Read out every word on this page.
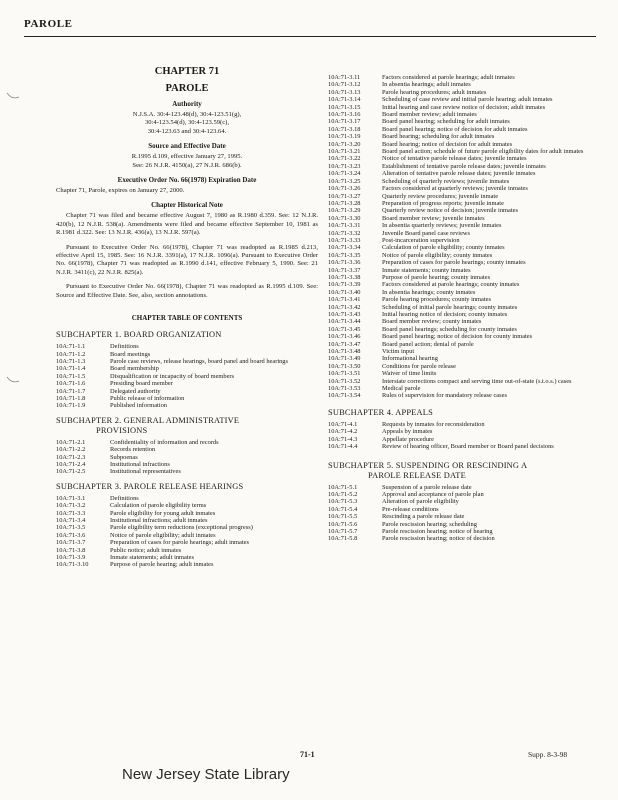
PAROLE
CHAPTER 71
PAROLE
Authority
N.J.S.A. 30:4-123.48(d), 30:4-123.51(g),
30:4-123.54(d), 30:4-123.59(c),
30:4-123.63 and 30:4-123.64.
Source and Effective Date
R.1995 d.109, effective January 27, 1995.
See: 26 N.J.R. 4150(a), 27 N.J.R. 686(b).
Executive Order No. 66(1978) Expiration Date
Chapter 71, Parole, expires on January 27, 2000.
Chapter Historical Note

Chapter 71 was filed and became effective August 7, 1980 as R.1980 d.359. See: 12 N.J.R. 420(b), 12 N.J.R. 538(a). Amendments were filed and became effective September 10, 1981 as R.1981 d.322. See: 13 N.J.R. 436(a), 13 N.J.R. 597(a).

Pursuant to Executive Order No. 66(1978), Chapter 71 was readopted as R.1985 d.213, effective April 15, 1985. See: 16 N.J.R. 3391(a), 17 N.J.R. 1096(a). Pursuant to Executive Order No. 66(1978), Chapter 71 was readopted as R.1990 d.141, effective February 5, 1990. See: 21 N.J.R. 3411(c), 22 N.J.R. 825(a).

Pursuant to Executive Order No. 66(1978), Chapter 71 was readopted as R.1995 d.109. See: Source and Effective Date. See, also, section annotations.

CHAPTER TABLE OF CONTENTS
SUBCHAPTER 1. BOARD ORGANIZATION
10A:71-1.1	Definitions
10A:71-1.2	Board meetings
10A:71-1.3	Parole case reviews, release hearings, board panel and board hearings
10A:71-1.4	Board membership
10A:71-1.5	Disqualification or incapacity of board members
10A:71-1.6	Presiding board member
10A:71-1.7	Delegated authority
10A:71-1.8	Public release of information
10A:71-1.9	Published information
SUBCHAPTER 2. GENERAL ADMINISTRATIVE
PROVISIONS
10A:71-2.1	Confidentiality of information and records
10A:71-2.2	Records retention
10A:71-2.3	Subpoenas
10A:71-2.4	Institutional infractions
10A:71-2.5	Institutional representatives
SUBCHAPTER 3. PAROLE RELEASE HEARINGS
10A:71-3.1	Definitions
10A:71-3.2	Calculation of parole eligibility terms
10A:71-3.3	Parole eligibility for young adult inmates
10A:71-3.4	Institutional infractions; adult inmates
10A:71-3.5	Parole eligibility term reductions (exceptional progress)
10A:71-3.6	Notice of parole eligibility; adult inmates
10A:71-3.7	Preparation of cases for parole hearings; adult inmates
10A:71-3.8	Public notice; adult inmates
10A:71-3.9	Inmate statements; adult inmates
10A:71-3.10	Purpose of parole hearing; adult inmates
10A:71-3.11	Factors considered at parole hearings; adult inmates
10A:71-3.12	In absentia hearings; adult inmates
10A:71-3.13	Parole hearing procedures; adult inmates
10A:71-3.14	Scheduling of case review and initial parole hearing; adult inmates
10A:71-3.15	Initial hearing and case review notice of decision; adult inmates
10A:71-3.16	Board member review; adult inmates
10A:71-3.17	Board panel hearing; scheduling for adult inmates
10A:71-3.18	Board panel hearing; notice of decision for adult inmates
10A:71-3.19	Board hearing; scheduling for adult inmates
10A:71-3.20	Board hearing; notice of decision for adult inmates
10A:71-3.21	Board panel action; schedule of future parole eligibility dates for adult inmates
10A:71-3.22	Notice of tentative parole release dates; juvenile inmates
10A:71-3.23	Establishment of tentative parole release dates; juvenile inmates
10A:71-3.24	Alteration of tentative parole release dates; juvenile inmates
10A:71-3.25	Scheduling of quarterly reviews; juvenile inmates
10A:71-3.26	Factors considered at quarterly reviews; juvenile inmates
10A:71-3.27	Quarterly review procedures; juvenile inmate
10A:71-3.28	Preparation of progress reports; juvenile inmate
10A:71-3.29	Quarterly review notice of decision; juvenile inmates
10A:71-3.30	Board member review; juvenile inmates
10A:71-3.31	In absentia quarterly reviews; juvenile inmates
10A:71-3.32	Juvenile Board panel case reviews
10A:71-3.33	Post-incarceration supervision
10A:71-3.34	Calculation of parole eligibility; county inmates
10A:71-3.35	Notice of parole eligibility; county inmates
10A:71-3.36	Preparation of cases for parole hearings; county inmates
10A:71-3.37	Inmate statements; county inmates
10A:71-3.38	Purpose of parole hearing; county inmates
10A:71-3.39	Factors considered at parole hearings; county inmates
10A:71-3.40	In absentia hearings; county inmates
10A:71-3.41	Parole hearing procedures; county inmates
10A:71-3.42	Scheduling of initial parole hearings; county inmates
10A:71-3.43	Initial hearing notice of decision; county inmates
10A:71-3.44	Board member review; county inmates
10A:71-3.45	Board panel hearings; scheduling for county inmates
10A:71-3.46	Board panel hearing; notice of decision for county inmates
10A:71-3.47	Board panel action; denial of parole
10A:71-3.48	Victim input
10A:71-3.49	Informational hearing
10A:71-3.50	Conditions for parole release
10A:71-3.51	Waiver of time limits
10A:71-3.52	Interstate corrections compact and serving time out-of-state (s.t.o.s.) cases
10A:71-3.53	Medical parole
10A:71-3.54	Rules of supervision for mandatory release cases
SUBCHAPTER 4. APPEALS
10A:71-4.1	Requests by inmates for reconsideration
10A:71-4.2	Appeals by inmates
10A:71-4.3	Appellate procedure
10A:71-4.4	Review of hearing officer, Board member or Board panel decisions
SUBCHAPTER 5. SUSPENDING OR RESCINDING A
PAROLE RELEASE DATE
10A:71-5.1	Suspension of a parole release date
10A:71-5.2	Approval and acceptance of parole plan
10A:71-5.3	Alteration of parole eligibility
10A:71-5.4	Pre-release conditions
10A:71-5.5	Rescinding a parole release date
10A:71-5.6	Parole rescission hearing; scheduling
10A:71-5.7	Parole rescission hearing; notice of hearing
10A:71-5.8	Parole rescission hearing; notice of decision
71-1	Supp. 8-3-98
New Jersey State Library
